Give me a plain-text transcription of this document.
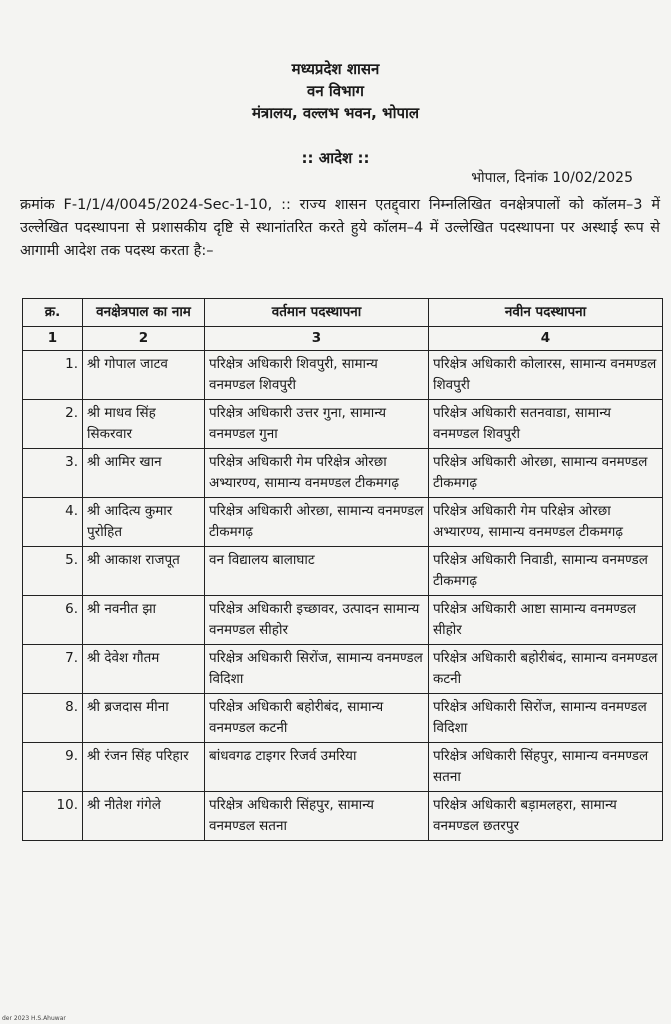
मध्यप्रदेश शासन
वन विभाग
मंत्रालय, वल्लभ भवन, भोपाल
:: आदेश ::
भोपाल, दिनांक 10/02/2025
क्रमांक F-1/1/4/0045/2024-Sec-1-10, :: राज्य शासन एतद्द्वारा निम्नलिखित वनक्षेत्रपालों को कॉलम–3 में उल्लेखित पदस्थापना से प्रशासकीय दृष्टि से स्थानांतरित करते हुये कॉलम–4 में उल्लेखित पदस्थापना पर अस्थाई रूप से आगामी आदेश तक पदस्थ करता है:–
क्र.	वनक्षेत्रपाल का नाम	वर्तमान पदस्थापना	नवीन पदस्थापना
1	2	3	4
1.	श्री गोपाल जाटव	परिक्षेत्र अधिकारी शिवपुरी, सामान्य वनमण्डल शिवपुरी	परिक्षेत्र अधिकारी कोलारस, सामान्य वनमण्डल शिवपुरी
2.	श्री माधव सिंह सिकरवार	परिक्षेत्र अधिकारी उत्तर गुना, सामान्य वनमण्डल गुना	परिक्षेत्र अधिकारी सतनवाडा, सामान्य वनमण्डल शिवपुरी
3.	श्री आमिर खान	परिक्षेत्र अधिकारी गेम परिक्षेत्र ओरछा अभ्यारण्य, सामान्य वनमण्डल टीकमगढ़	परिक्षेत्र अधिकारी ओरछा, सामान्य वनमण्डल टीकमगढ़
4.	श्री आदित्य कुमार पुरोहित	परिक्षेत्र अधिकारी ओरछा, सामान्य वनमण्डल टीकमगढ़	परिक्षेत्र अधिकारी गेम परिक्षेत्र ओरछा अभ्यारण्य, सामान्य वनमण्डल टीकमगढ़
5.	श्री आकाश राजपूत	वन विद्यालय बालाघाट	परिक्षेत्र अधिकारी निवाडी, सामान्य वनमण्डल टीकमगढ़
6.	श्री नवनीत झा	परिक्षेत्र अधिकारी इच्छावर, उत्पादन सामान्य वनमण्डल सीहोर	परिक्षेत्र अधिकारी आष्टा सामान्य वनमण्डल सीहोर
7.	श्री देवेश गौतम	परिक्षेत्र अधिकारी सिरोंज, सामान्य वनमण्डल विदिशा	परिक्षेत्र अधिकारी बहोरीबंद, सामान्य वनमण्डल कटनी
8.	श्री ब्रजदास मीना	परिक्षेत्र अधिकारी बहोरीबंद, सामान्य वनमण्डल कटनी	परिक्षेत्र अधिकारी सिरोंज, सामान्य वनमण्डल विदिशा
9.	श्री रंजन सिंह परिहार	बांधवगढ टाइगर रिजर्व उमरिया	परिक्षेत्र अधिकारी सिंहपुर, सामान्य वनमण्डल सतना
10.	श्री नीतेश गंगेले	परिक्षेत्र अधिकारी सिंहपुर, सामान्य वनमण्डल सतना	परिक्षेत्र अधिकारी बड़ामलहरा, सामान्य वनमण्डल छतरपुर
der 2023 H.S.Ahuwar
